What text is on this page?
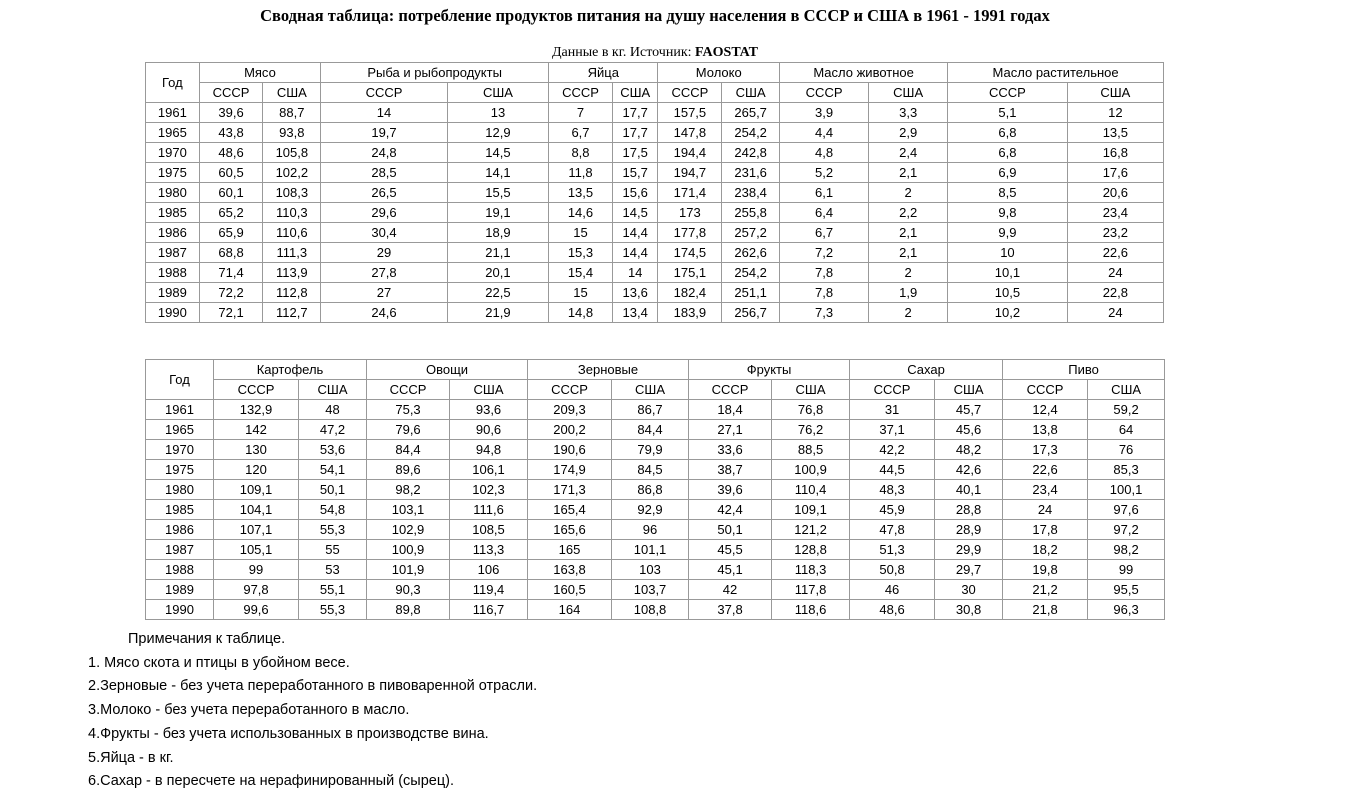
Сводная таблица: потребление продуктов питания на душу населения в СССР и США в 1961 - 1991 годах
Данные в кг. Источник: FAOSTAT
Год	Мясо		Рыба и рыбопродукты		Яйца		Молоко		Масло животное		Масло растительное	
	СССР	США	СССР	США	СССР	США	СССР	США	СССР	США	СССР	США
1961	39,6	88,7	14	13	7	17,7	157,5	265,7	3,9	3,3	5,1	12
1965	43,8	93,8	19,7	12,9	6,7	17,7	147,8	254,2	4,4	2,9	6,8	13,5
1970	48,6	105,8	24,8	14,5	8,8	17,5	194,4	242,8	4,8	2,4	6,8	16,8
1975	60,5	102,2	28,5	14,1	11,8	15,7	194,7	231,6	5,2	2,1	6,9	17,6
1980	60,1	108,3	26,5	15,5	13,5	15,6	171,4	238,4	6,1	2	8,5	20,6
1985	65,2	110,3	29,6	19,1	14,6	14,5	173	255,8	6,4	2,2	9,8	23,4
1986	65,9	110,6	30,4	18,9	15	14,4	177,8	257,2	6,7	2,1	9,9	23,2
1987	68,8	111,3	29	21,1	15,3	14,4	174,5	262,6	7,2	2,1	10	22,6
1988	71,4	113,9	27,8	20,1	15,4	14	175,1	254,2	7,8	2	10,1	24
1989	72,2	112,8	27	22,5	15	13,6	182,4	251,1	7,8	1,9	10,5	22,8
1990	72,1	112,7	24,6	21,9	14,8	13,4	183,9	256,7	7,3	2	10,2	24
Год	Картофель		Овощи		Зерновые		Фрукты		Сахар		Пиво	
	СССР	США	СССР	США	СССР	США	СССР	США	СССР	США	СССР	США
1961	132,9	48	75,3	93,6	209,3	86,7	18,4	76,8	31	45,7	12,4	59,2
1965	142	47,2	79,6	90,6	200,2	84,4	27,1	76,2	37,1	45,6	13,8	64
1970	130	53,6	84,4	94,8	190,6	79,9	33,6	88,5	42,2	48,2	17,3	76
1975	120	54,1	89,6	106,1	174,9	84,5	38,7	100,9	44,5	42,6	22,6	85,3
1980	109,1	50,1	98,2	102,3	171,3	86,8	39,6	110,4	48,3	40,1	23,4	100,1
1985	104,1	54,8	103,1	111,6	165,4	92,9	42,4	109,1	45,9	28,8	24	97,6
1986	107,1	55,3	102,9	108,5	165,6	96	50,1	121,2	47,8	28,9	17,8	97,2
1987	105,1	55	100,9	113,3	165	101,1	45,5	128,8	51,3	29,9	18,2	98,2
1988	99	53	101,9	106	163,8	103	45,1	118,3	50,8	29,7	19,8	99
1989	97,8	55,1	90,3	119,4	160,5	103,7	42	117,8	46	30	21,2	95,5
1990	99,6	55,3	89,8	116,7	164	108,8	37,8	118,6	48,6	30,8	21,8	96,3
Примечания к таблице.
1. Мясо скота и птицы в убойном весе.
2.Зерновые - без учета переработанного в пивоваренной отрасли.
3.Молоко - без учета переработанного в масло.
4.Фрукты - без учета использованных в производстве вина.
5.Яйца - в кг.
6.Сахар - в пересчете на нерафинированный (сырец).
